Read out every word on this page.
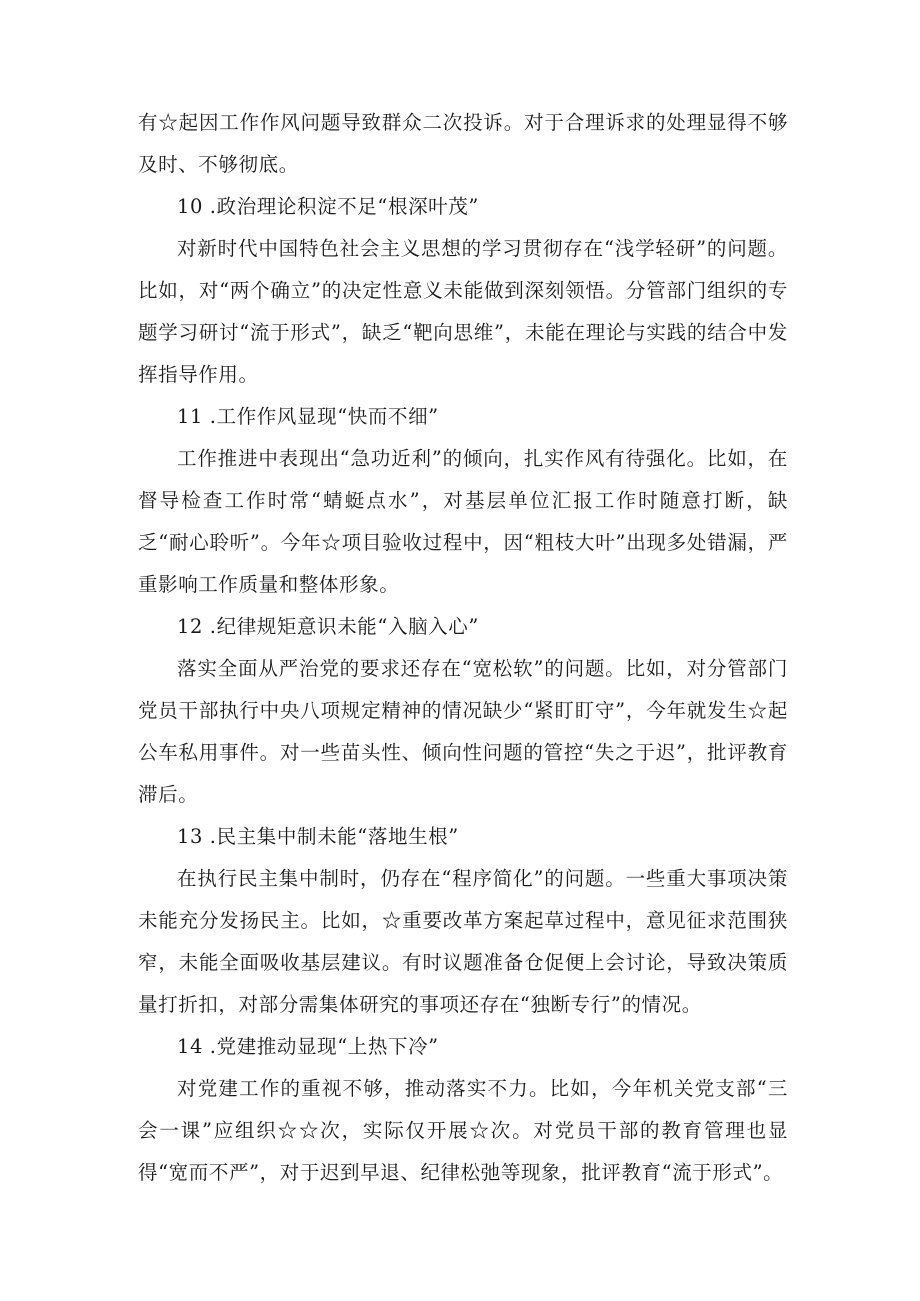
有☆起因工作作风问题导致群众二次投诉。对于合理诉求的处理显得不够及时、不够彻底。

10 .政治理论积淀不足“根深叶茂”

对新时代中国特色社会主义思想的学习贯彻存在“浅学轻研”的问题。比如，对“两个确立”的决定性意义未能做到深刻领悟。分管部门组织的专题学习研讨“流于形式”，缺乏“靶向思维”，未能在理论与实践的结合中发挥指导作用。

11 .工作作风显现“快而不细”

工作推进中表现出“急功近利”的倾向，扎实作风有待强化。比如，在督导检查工作时常“蜻蜓点水”，对基层单位汇报工作时随意打断，缺乏“耐心聆听”。今年☆项目验收过程中，因“粗枝大叶”出现多处错漏，严重影响工作质量和整体形象。

12 .纪律规矩意识未能“入脑入心”

落实全面从严治党的要求还存在“宽松软”的问题。比如，对分管部门党员干部执行中央八项规定精神的情况缺少“紧盯盯守”，今年就发生☆起公车私用事件。对一些苗头性、倾向性问题的管控“失之于迟”，批评教育滞后。

13 .民主集中制未能“落地生根”

在执行民主集中制时，仍存在“程序简化”的问题。一些重大事项决策未能充分发扬民主。比如，☆重要改革方案起草过程中，意见征求范围狭窄，未能全面吸收基层建议。有时议题准备仓促便上会讨论，导致决策质量打折扣，对部分需集体研究的事项还存在“独断专行”的情况。

14 .党建推动显现“上热下冷”

对党建工作的重视不够，推动落实不力。比如，今年机关党支部“三会一课”应组织☆☆次，实际仅开展☆次。对党员干部的教育管理也显得“宽而不严”，对于迟到早退、纪律松弛等现象，批评教育“流于形式”。
